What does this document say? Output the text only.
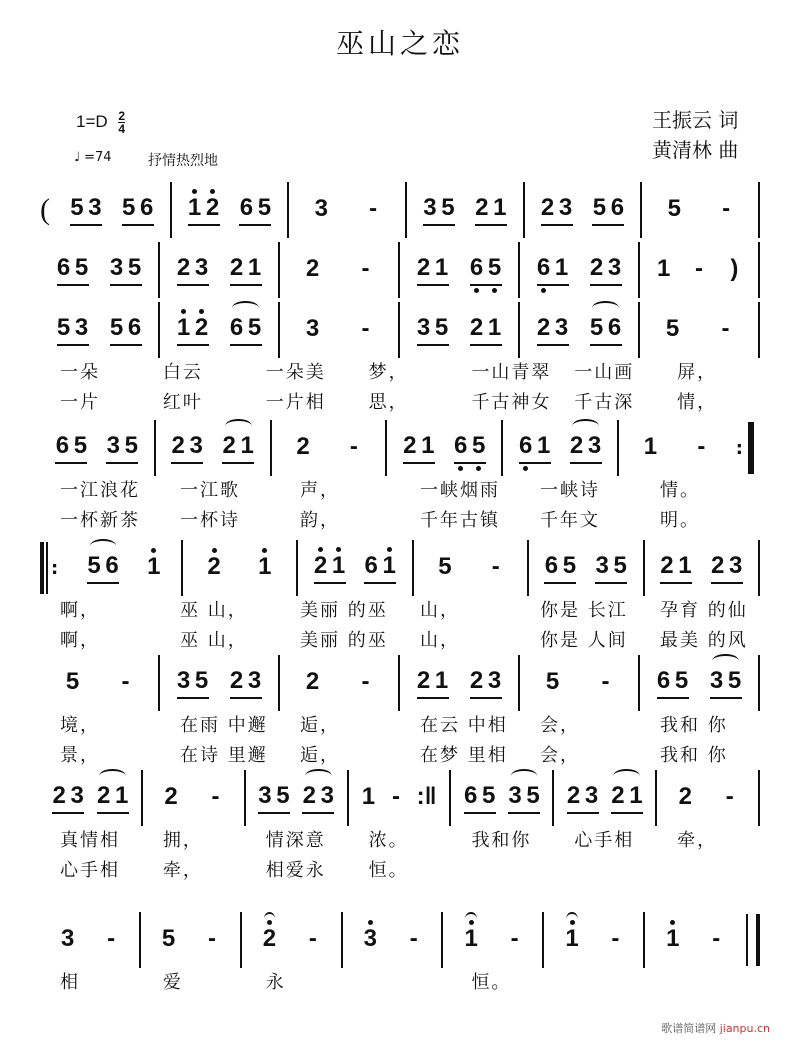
巫山之恋
$1=D \frac{2}{4}$
♩ =74	抒情热烈地
王振云 词
黄清林 曲
( 5 3 5 6 1 2 6 5 3 - 3 5 2 1 2 3 5 6 5 -
6 5 3 5 2 3 2 1 2 - 2 1 6 5 6 1 2 3 1 - )
5 3 5 6 1 2 6 5 3 - 3 5 2 1 2 3 5 6 5 -
一朵	白云	一朵美	梦，	一山青翠	一山画	屏，
一片	红叶	一片相	思，	千古神女	千古深	情，
6 5 3 5 2 3 2 1 2 - 2 1 6 5 6 1 2 3 1 - :
一江浪花	一江歌	声，	一峡烟雨	一峡诗	情。
一杯新茶	一杯诗	韵，	千年古镇	千年文	明。
: 5 6 1 2 1 2 1 6 1 5 - 6 5 3 5 2 1 2 3
啊，	巫 山，	美丽 的巫	山，	你是 长江	孕育 的仙
啊，	巫 山，	美丽 的巫	山，	你是 人间	最美 的风
5 - 3 5 2 3 2 - 2 1 2 3 5 - 6 5 3 5
境，	在雨 中邂	逅，	在云 中相	会，	我和 你
景，	在诗 里邂	逅，	在梦 里相	会，	我和 你
2 3 2 1 2 - 3 5 2 3 1 - :‖ 6 5 3 5 2 3 2 1 2 -
真情相	拥，	情深意	浓。	我和你	心手相	牵，
心手相	牵，	相爱永	恒。
3 - 5 - 2 - 3 - 1 - 1 - 1 -
相	爱	永	恒。
歌谱简谱网 jianpu.cn
